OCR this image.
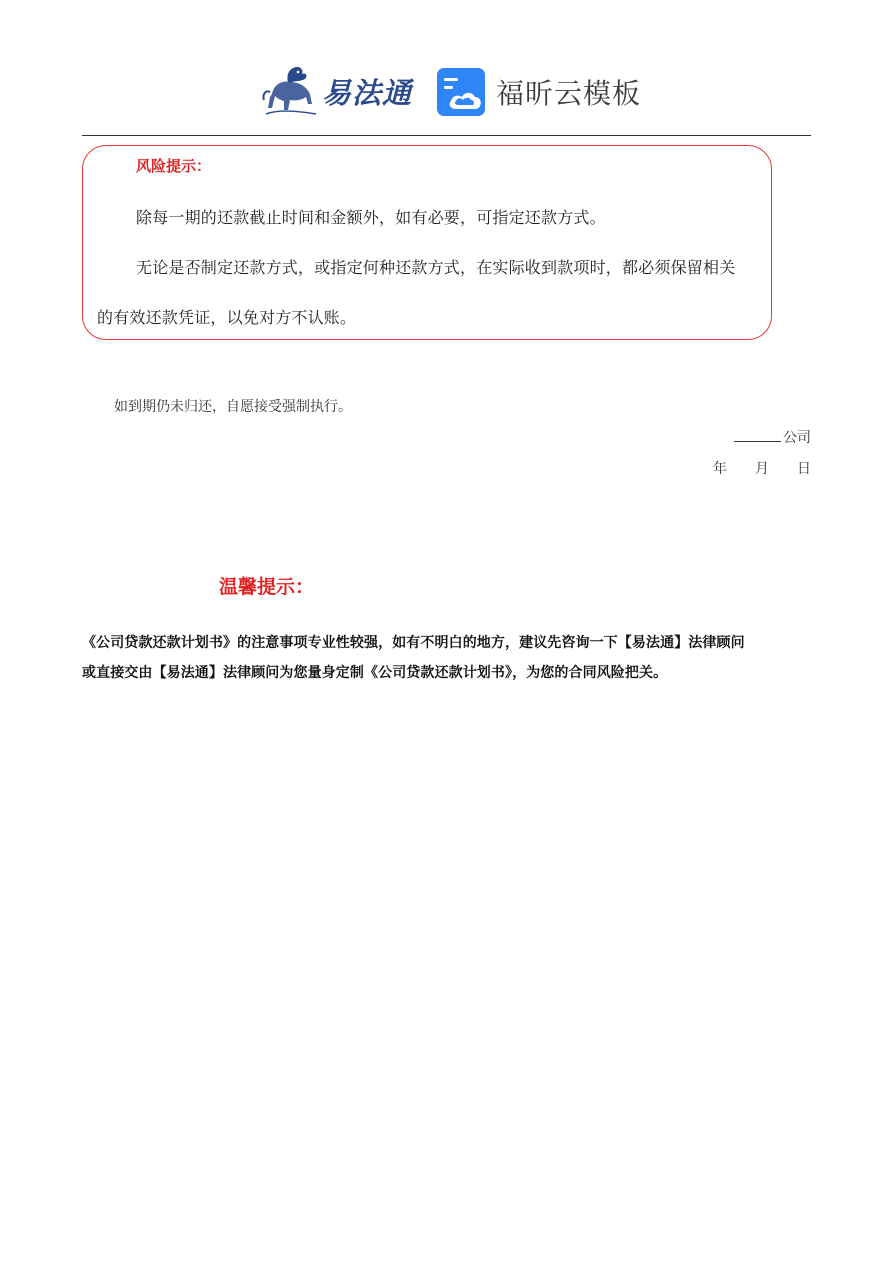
易法通	福昕云模板
风险提示：
除每一期的还款截止时间和金额外，如有必要，可指定还款方式。
无论是否制定还款方式，或指定何种还款方式，在实际收到款项时，都必须保留相关
的有效还款凭证，以免对方不认账。
如到期仍未归还，自愿接受强制执行。
公司
年 月 日
温馨提示：
《公司贷款还款计划书》的注意事项专业性较强，如有不明白的地方，建议先咨询一下【易法通】法律顾问
或直接交由【易法通】法律顾问为您量身定制《公司贷款还款计划书》，为您的合同风险把关。
